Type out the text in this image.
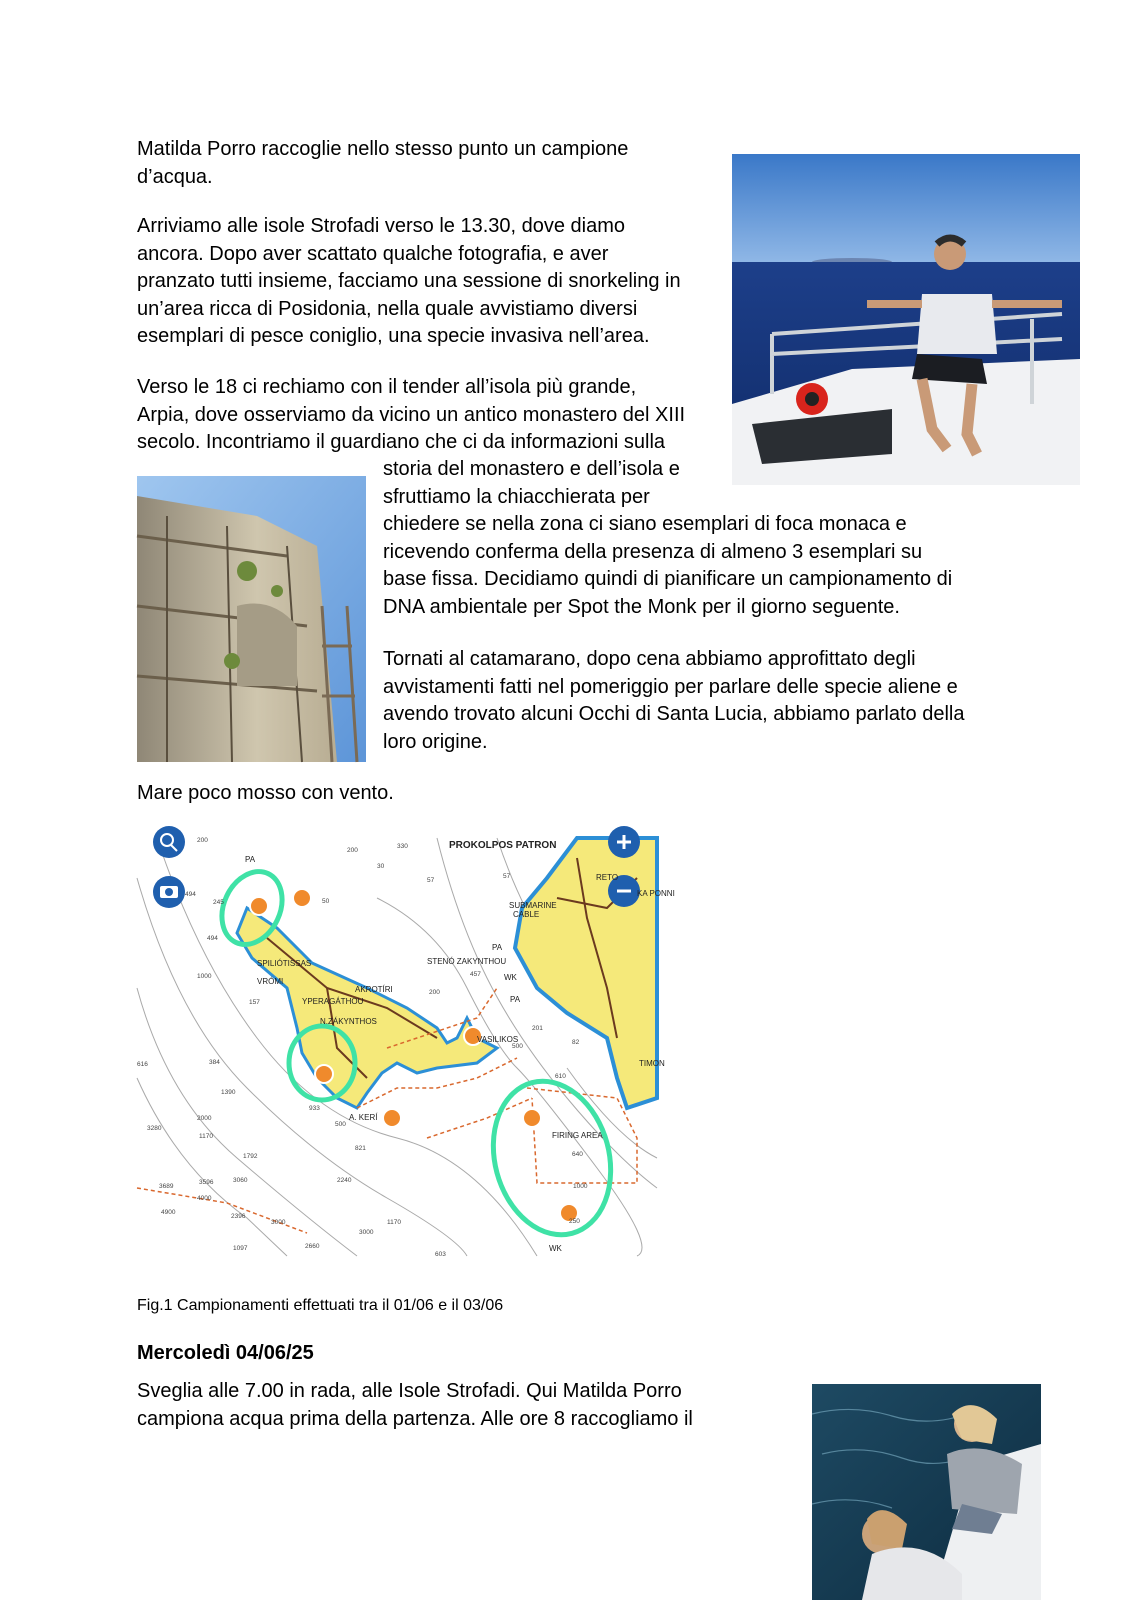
Matilda Porro raccoglie nello stesso punto un campione
d’acqua.
Arriviamo alle isole Strofadi verso le 13.30, dove diamo
ancora. Dopo aver scattato qualche fotografia, e aver
pranzato tutti insieme, facciamo una sessione di snorkeling in
un’area ricca di Posidonia, nella quale avvistiamo diversi
esemplari di pesce coniglio, una specie invasiva nell’area.
Verso le 18 ci rechiamo con il tender all’isola più grande,
Arpia, dove osserviamo da vicino un antico monastero del XIII
secolo. Incontriamo il guardiano che ci da informazioni sulla
storia del monastero e dell’isola e
sfruttiamo la chiacchierata per
chiedere se nella zona ci siano esemplari di foca monaca e
ricevendo conferma della presenza di almeno 3 esemplari su
base fissa. Decidiamo quindi di pianificare un campionamento di
DNA ambientale per Spot the Monk per il giorno seguente.
Tornati al catamarano, dopo cena abbiamo approfittato degli
avvistamenti fatti nel pomeriggio per parlare delle specie aliene e
avendo trovato alcuni Occhi di Santa Lucia, abbiamo parlato della
loro origine.
Mare poco mosso con vento.
PROKOLPOS PATRON
SPILIÓTISSAS
VRÓMI
AKROTÍRI
YPERAGÁTHOU
N.ZÁKYNTHOS
STENÓ ZAKYNTHOU
A. KERÍ
VASILIKOS
FIRING AREA
SUBMARINE
CABLE
RETO
KA PONNI
TIMON
PA
PA
PA
WK
WK
200
200
330
30
57
57
50
494
245
494
1000
157
200
457
500
201
82
610
616	384
1390
933
500
821
1792
2000
1170
3280
3689
3596	3060	2240
4000
4900
2396
3000
1097	2660
3000
1170
603
640
1000
250
Fig.1 Campionamenti effettuati tra il 01/06 e il 03/06
Mercoledì 04/06/25
Sveglia alle 7.00 in rada, alle Isole Strofadi. Qui Matilda Porro
campiona acqua prima della partenza. Alle ore 8 raccogliamo il
